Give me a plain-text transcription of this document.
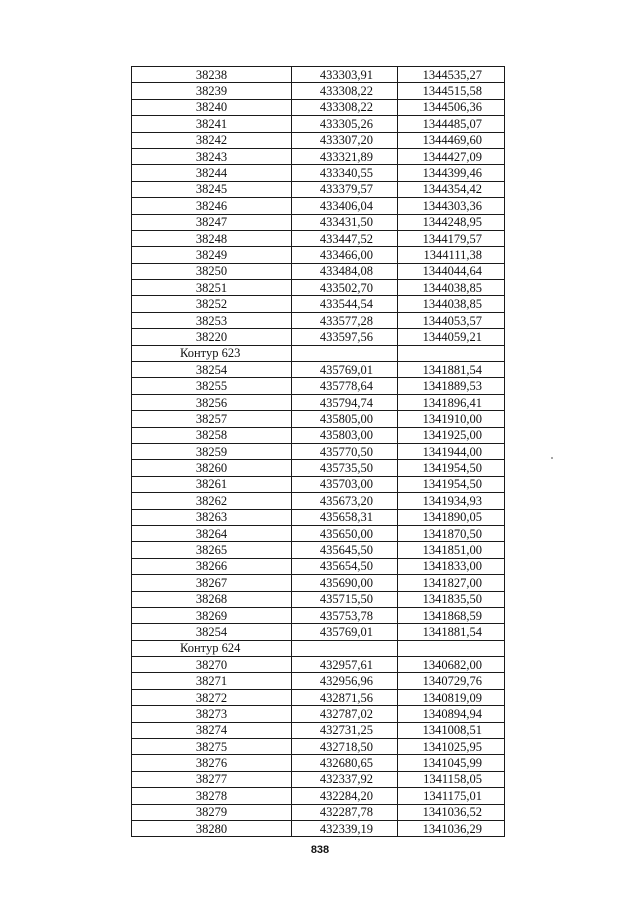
38238	433303,91	1344535,27
38239	433308,22	1344515,58
38240	433308,22	1344506,36
38241	433305,26	1344485,07
38242	433307,20	1344469,60
38243	433321,89	1344427,09
38244	433340,55	1344399,46
38245	433379,57	1344354,42
38246	433406,04	1344303,36
38247	433431,50	1344248,95
38248	433447,52	1344179,57
38249	433466,00	1344111,38
38250	433484,08	1344044,64
38251	433502,70	1344038,85
38252	433544,54	1344038,85
38253	433577,28	1344053,57
38220	433597,56	1344059,21
Контур 623		
38254	435769,01	1341881,54
38255	435778,64	1341889,53
38256	435794,74	1341896,41
38257	435805,00	1341910,00
38258	435803,00	1341925,00
38259	435770,50	1341944,00
38260	435735,50	1341954,50
38261	435703,00	1341954,50
38262	435673,20	1341934,93
38263	435658,31	1341890,05
38264	435650,00	1341870,50
38265	435645,50	1341851,00
38266	435654,50	1341833,00
38267	435690,00	1341827,00
38268	435715,50	1341835,50
38269	435753,78	1341868,59
38254	435769,01	1341881,54
Контур 624		
38270	432957,61	1340682,00
38271	432956,96	1340729,76
38272	432871,56	1340819,09
38273	432787,02	1340894,94
38274	432731,25	1341008,51
38275	432718,50	1341025,95
38276	432680,65	1341045,99
38277	432337,92	1341158,05
38278	432284,20	1341175,01
38279	432287,78	1341036,52
38280	432339,19	1341036,29
838
